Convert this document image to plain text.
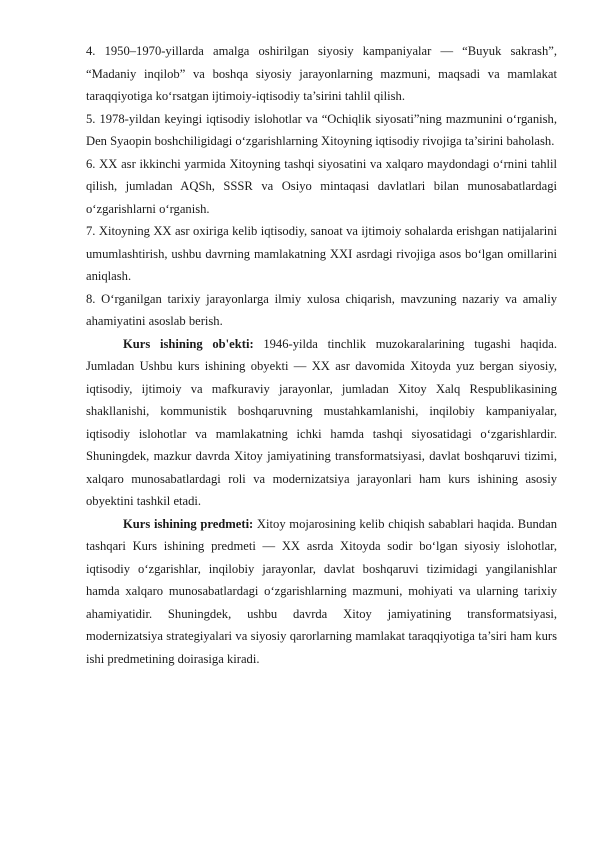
4. 1950–1970-yillarda amalga oshirilgan siyosiy kampaniyalar — “Buyuk sakrash”, “Madaniy inqilob” va boshqa siyosiy jarayonlarning mazmuni, maqsadi va mamlakat taraqqiyotiga ko‘rsatgan ijtimoiy-iqtisodiy ta’sirini tahlil qilish.

5. 1978-yildan keyingi iqtisodiy islohotlar va “Ochiqlik siyosati”ning mazmunini o‘rganish, Den Syaopin boshchiligidagi o‘zgarishlarning Xitoyning iqtisodiy rivojiga ta’sirini baholash.

6. XX asr ikkinchi yarmida Xitoyning tashqi siyosatini va xalqaro maydondagi o‘rnini tahlil qilish, jumladan AQSh, SSSR va Osiyo mintaqasi davlatlari bilan munosabatlardagi o‘zgarishlarni o‘rganish.

7. Xitoyning XX asr oxiriga kelib iqtisodiy, sanoat va ijtimoiy sohalarda erishgan natijalarini umumlashtirish, ushbu davrning mamlakatning XXI asrdagi rivojiga asos bo‘lgan omillarini aniqlash.

8. O‘rganilgan tarixiy jarayonlarga ilmiy xulosa chiqarish, mavzuning nazariy va amaliy ahamiyatini asoslab berish.

Kurs ishining ob'ekti: 1946-yilda tinchlik muzokaralarining tugashi haqida. Jumladan Ushbu kurs ishining obyekti — XX asr davomida Xitoyda yuz bergan siyosiy, iqtisodiy, ijtimoiy va mafkuraviy jarayonlar, jumladan Xitoy Xalq Respublikasining shakllanishi, kommunistik boshqaruvning mustahkamlanishi, inqilobiy kampaniyalar, iqtisodiy islohotlar va mamlakatning ichki hamda tashqi siyosatidagi o‘zgarishlardir. Shuningdek, mazkur davrda Xitoy jamiyatining transformatsiyasi, davlat boshqaruvi tizimi, xalqaro munosabatlardagi roli va modernizatsiya jarayonlari ham kurs ishining asosiy obyektini tashkil etadi.

Kurs ishining predmeti: Xitoy mojarosining kelib chiqish sabablari haqida. Bundan tashqari Kurs ishining predmeti — XX asrda Xitoyda sodir bo‘lgan siyosiy islohotlar, iqtisodiy o‘zgarishlar, inqilobiy jarayonlar, davlat boshqaruvi tizimidagi yangilanishlar hamda xalqaro munosabatlardagi o‘zgarishlarning mazmuni, mohiyati va ularning tarixiy ahamiyatidir. Shuningdek, ushbu davrda Xitoy jamiyatining transformatsiyasi, modernizatsiya strategiyalari va siyosiy qarorlarning mamlakat taraqqiyotiga ta’siri ham kurs ishi predmetining doirasiga kiradi.
